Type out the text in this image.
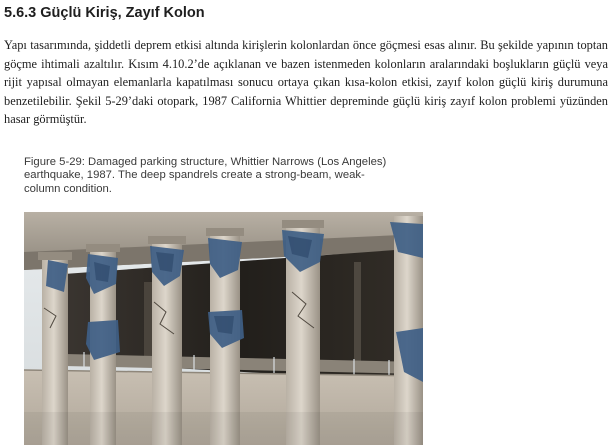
5.6.3 Güçlü Kiriş, Zayıf Kolon

Yapı tasarımında, şiddetli deprem etkisi altında kirişlerin kolonlardan önce göçmesi esas alınır. Bu şekilde yapının toptan göçme ihtimali azaltılır. Kısım 4.10.2’de açıklanan ve bazen istenmeden kolonların aralarındaki boşlukların güçlü veya rijit yapısal olmayan elemanlarla kapatılması sonucu ortaya çıkan kısa-kolon etkisi, zayıf kolon güçlü kiriş durumuna benzetilebilir. Şekil 5-29’daki otopark, 1987 California Whittier depreminde güçlü kiriş zayıf kolon problemi yüzünden hasar görmüştür.

Figure 5-29: Damaged parking structure, Whittier Narrows (Los Angeles)
earthquake, 1987. The deep spandrels create a strong-beam, weak-
column condition.
